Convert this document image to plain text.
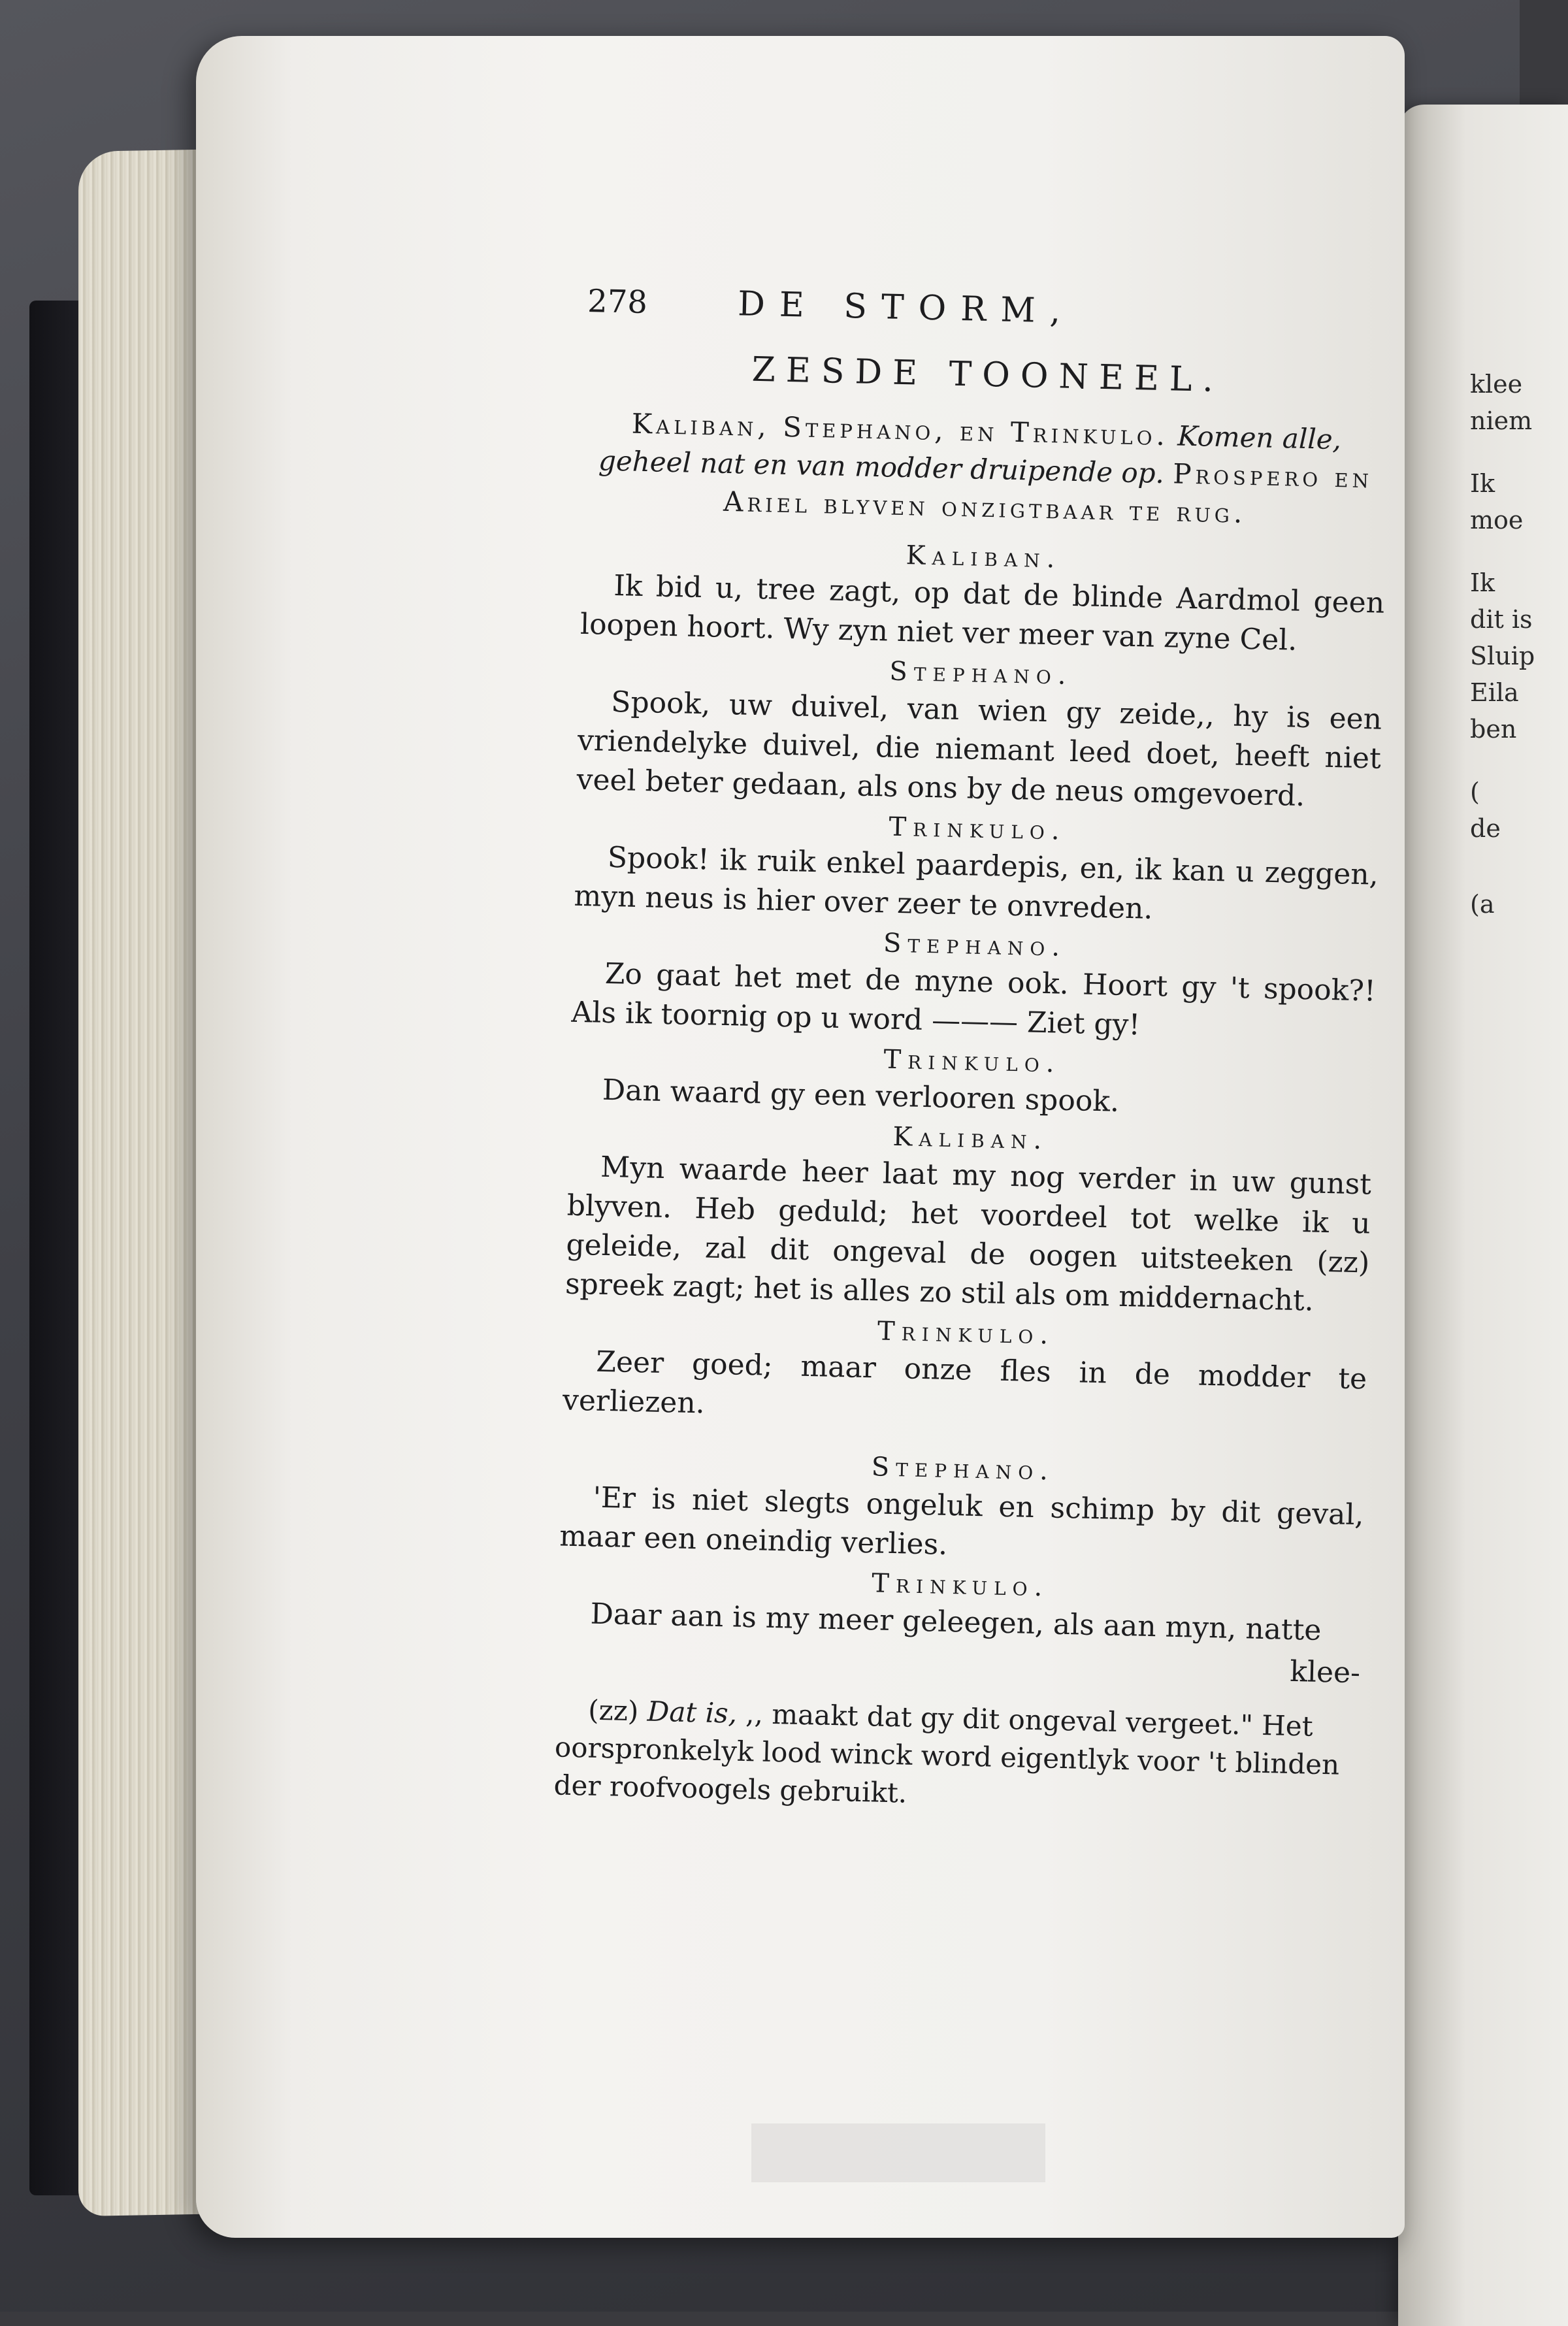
klee
niem
Ik
moe
Ik
dit is
Sluip
Eila
ben
(
de
(a
278	DE STORM,
ZESDE TOONEEL.
Kaliban, Stephano, en Trinkulo. Komen alle, geheel nat en van modder druipende op. Prospero en Ariel blyven onzigtbaar te rug.
Kaliban.

Ik bid u, tree zagt, op dat de blinde Aardmol geen loopen hoort. Wy zyn niet ver meer van zyne Cel.

Stephano.

Spook, uw duivel, van wien gy zeide,, hy is een vriendelyke duivel, die niemant leed doet, heeft niet veel beter gedaan, als ons by de neus omgevoerd.

Trinkulo.

Spook! ik ruik enkel paardepis, en, ik kan u zeggen, myn neus is hier over zeer te onvreden.

Stephano.

Zo gaat het met de myne ook. Hoort gy 't spook?! Als ik toornig op u word ——— Ziet gy!

Trinkulo.

Dan waard gy een verlooren spook.

Kaliban.

Myn waarde heer laat my nog verder in uw gunst blyven. Heb geduld; het voordeel tot welke ik u geleide, zal dit ongeval de oogen uitsteeken (zz) spreek zagt; het is alles zo stil als om middernacht.

Trinkulo.

Zeer goed; maar onze fles in de modder te verliezen.

Stephano.

'Er is niet slegts ongeluk en schimp by dit geval, maar een oneindig verlies.

Trinkulo.

Daar aan is my meer geleegen, als aan myn, natte

klee-

(zz) Dat is, ,, maakt dat gy dit ongeval vergeet." Het oorspronkelyk lood winck word eigentlyk voor 't blinden der roofvoogels gebruikt.
